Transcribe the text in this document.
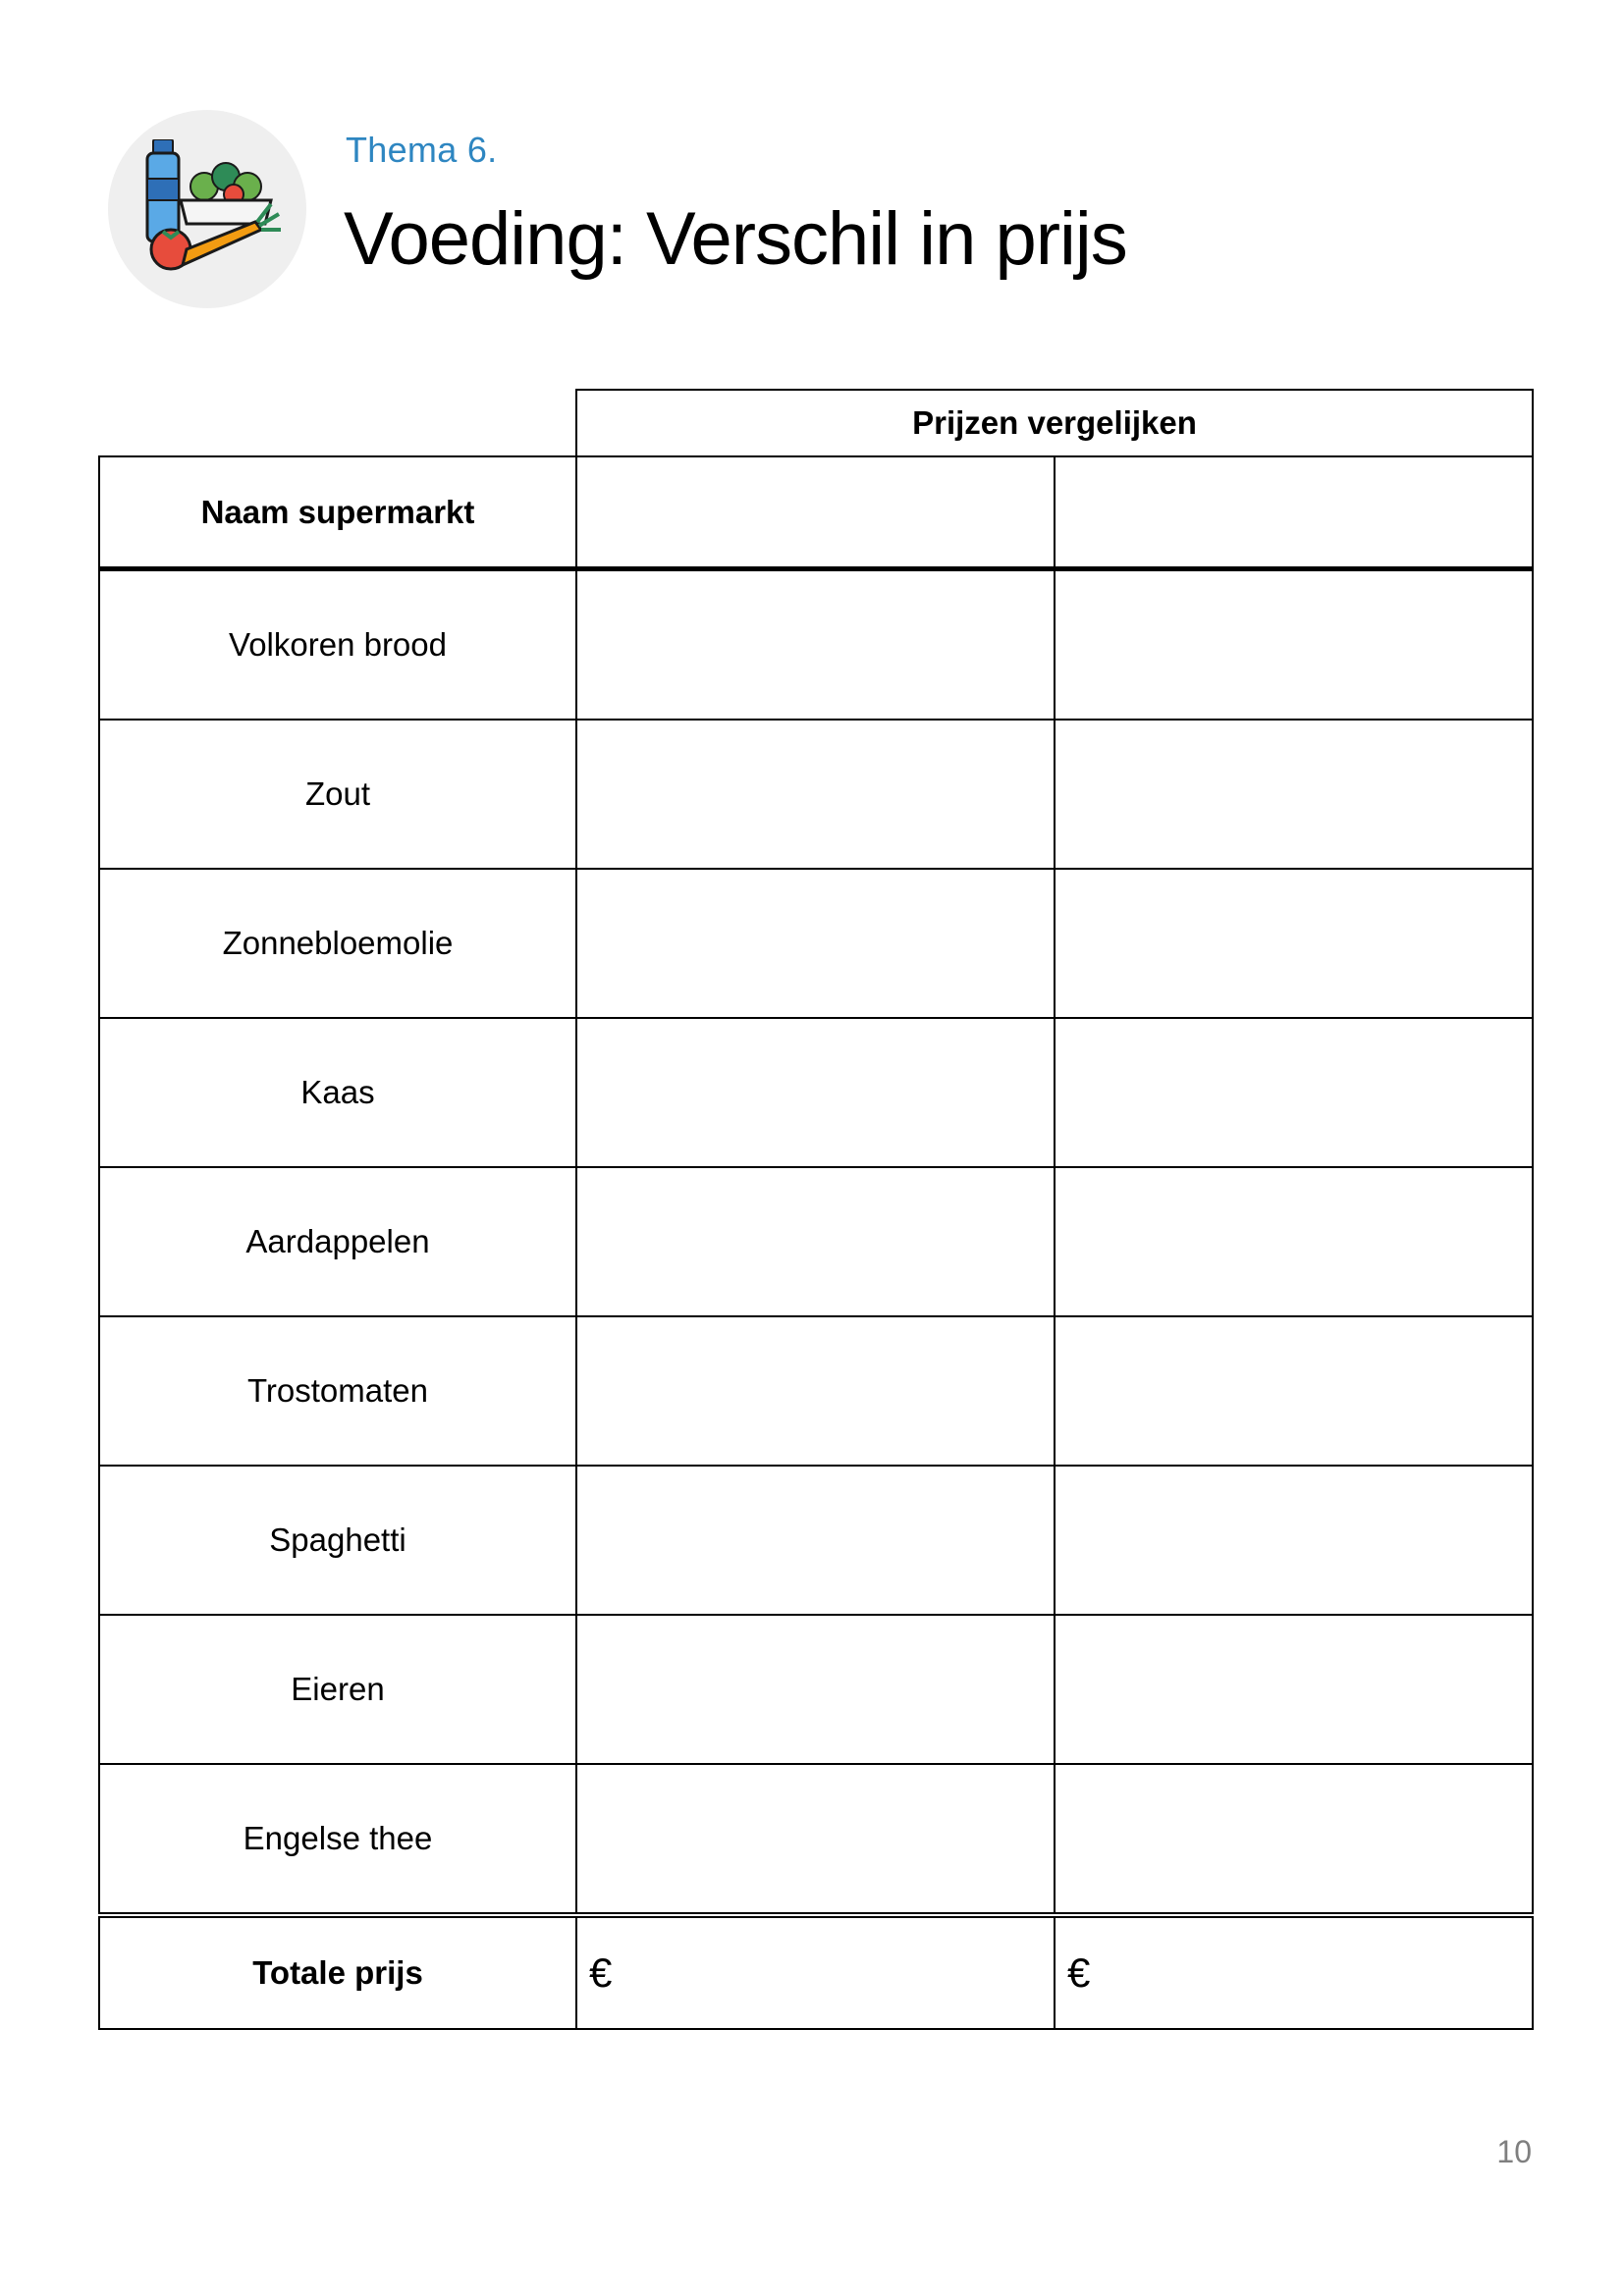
Thema 6.
Voeding: Verschil in prijs
	Prijzen vergelijken	
Naam supermarkt		
Volkoren brood		
Zout		
Zonnebloemolie		
Kaas		
Aardappelen		
Trostomaten		
Spaghetti		
Eieren		
Engelse thee		
Totale prijs	€	€
10
